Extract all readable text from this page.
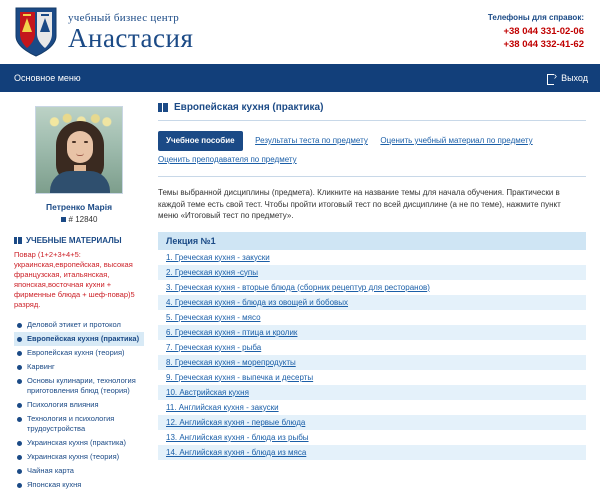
учебный бизнес центр
Анастасия
Телефоны для справок:
+38 044 331-02-06
+38 044 332-41-62
Основное меню ›	Выход
Петренко Марія
# 12840
УЧЕБНЫЕ МАТЕРИАЛЫ
Повар (1+2+3+4+5: украинская,европейская, высокая французская, итальянская, японская,восточная кухни + фирменные блюда + шеф-повар)5 разряд.
Деловой этикет и протокол
Европейская кухня (практика)
Европейская кухня (теория)
Карвинг
Основы кулинарии, технология приготовления блюд (теория)
Психология влияния
Технология и психология трудоустройства
Украинская кухня (практика)
Украинская кухня (теория)
Чайная карта
Японская кухня
Европейская кухня (практика)
Учебное пособие	Результаты теста по предмету Оценить учебный материал по предмету Оценить преподавателя по предмету
Темы выбранной дисциплины (предмета). Кликните на название темы для начала обучения. Практически в каждой теме есть свой тест. Чтобы пройти итоговый тест по всей дисциплине (а не по теме), нажмите пункт меню «Итоговый тест по предмету».
Лекция №1
1. Греческая кухня - закуски
2. Греческая кухня -супы
3. Греческая кухня - вторые блюда (сборник рецептур для ресторанов)
4. Греческая кухня - блюда из овощей и бобовых
5. Греческая кухня - мясо
6. Греческая кухня - птица и кролик
7. Греческая кухня - рыба
8. Греческая кухня - морепродукты
9. Греческая кухня - выпечка и десерты
10. Австрийская кухня
11. Английская кухня - закуски
12. Английская кухня - первые блюда
13. Английская кухня - блюда из рыбы
14. Английская кухня - блюда из мяса
